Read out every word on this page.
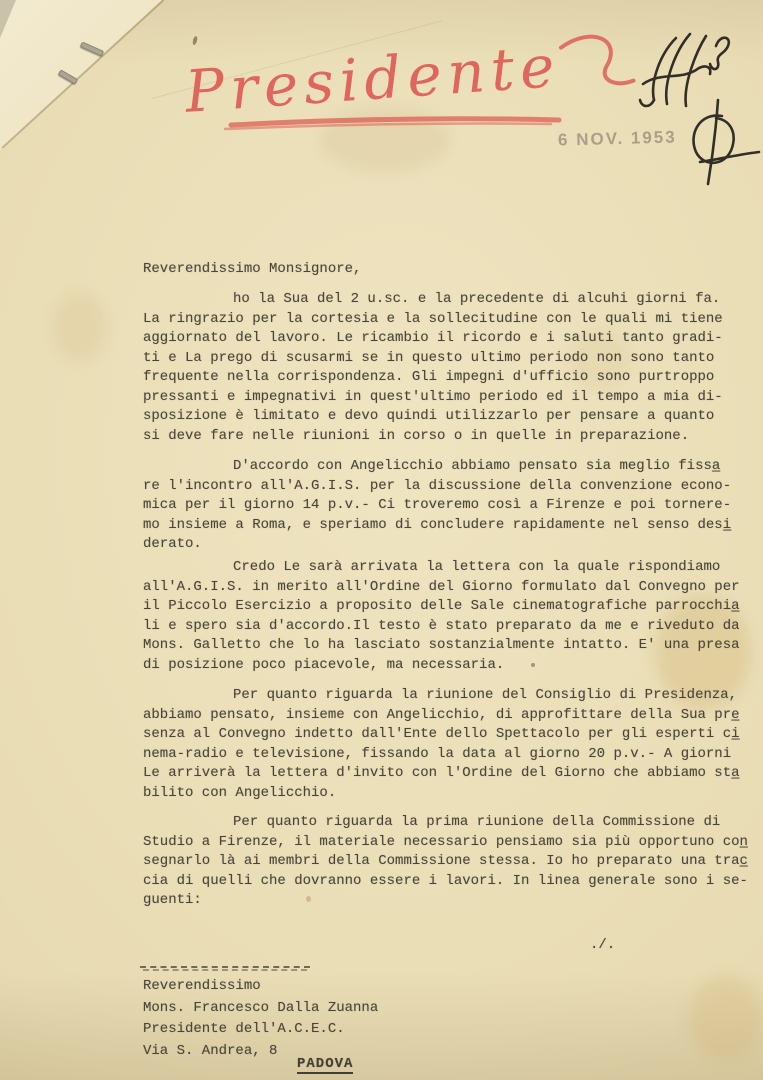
Presidente
6 NOV. 1953
Reverendissimo Monsignore,
ho la Sua del 2 u.sc. e la precedente di alcuhi giorni fa.
La ringrazio per la cortesia e la sollecitudine con le quali mi tiene
aggiornato del lavoro. Le ricambio il ricordo e i saluti tanto gradi-
ti e La prego di scusarmi se in questo ultimo periodo non sono tanto
frequente nella corrispondenza. Gli impegni d'ufficio sono purtroppo
pressanti e impegnativi in quest'ultimo periodo ed il tempo a mia di-
sposizione è limitato e devo quindi utilizzarlo per pensare a quanto
si deve fare nelle riunioni in corso o in quelle in preparazione.
D'accordo con Angelicchio abbiamo pensato sia meglio fissa̲
re l'incontro all'A.G.I.S. per la discussione della convenzione econo-
mica per il giorno 14 p.v.- Ci troveremo così a Firenze e poi tornere-
mo insieme a Roma, e speriamo di concludere rapidamente nel senso desi̲
derato.
Credo Le sarà arrivata la lettera con la quale rispondiamo
all'A.G.I.S. in merito all'Ordine del Giorno formulato dal Convegno per
il Piccolo Esercizio a proposito delle Sale cinematografiche parrocchia̲
li e spero sia d'accordo.Il testo è stato preparato da me e riveduto da
Mons. Galletto che lo ha lasciato sostanzialmente intatto. E' una presa
di posizione poco piacevole, ma necessaria.
Per quanto riguarda la riunione del Consiglio di Presidenza,
abbiamo pensato, insieme con Angelicchio, di approfittare della Sua pre̲
senza al Convegno indetto dall'Ente dello Spettacolo per gli esperti ci̲
nema-radio e televisione, fissando la data al giorno 20 p.v.- A giorni
Le arriverà la lettera d'invito con l'Ordine del Giorno che abbiamo sta̲
bilito con Angelicchio.
Per quanto riguarda la prima riunione della Commissione di
Studio a Firenze, il materiale necessario pensiamo sia più opportuno con̲
segnarlo là ai membri della Commissione stessa. Io ho preparato una trac̲
cia di quelli che dovranno essere i lavori. In linea generale sono i se-
guenti:
./.
Reverendissimo
Mons. Francesco Dalla Zuanna
Presidente dell'A.C.E.C.
Via S. Andrea, 8
PADOVA
